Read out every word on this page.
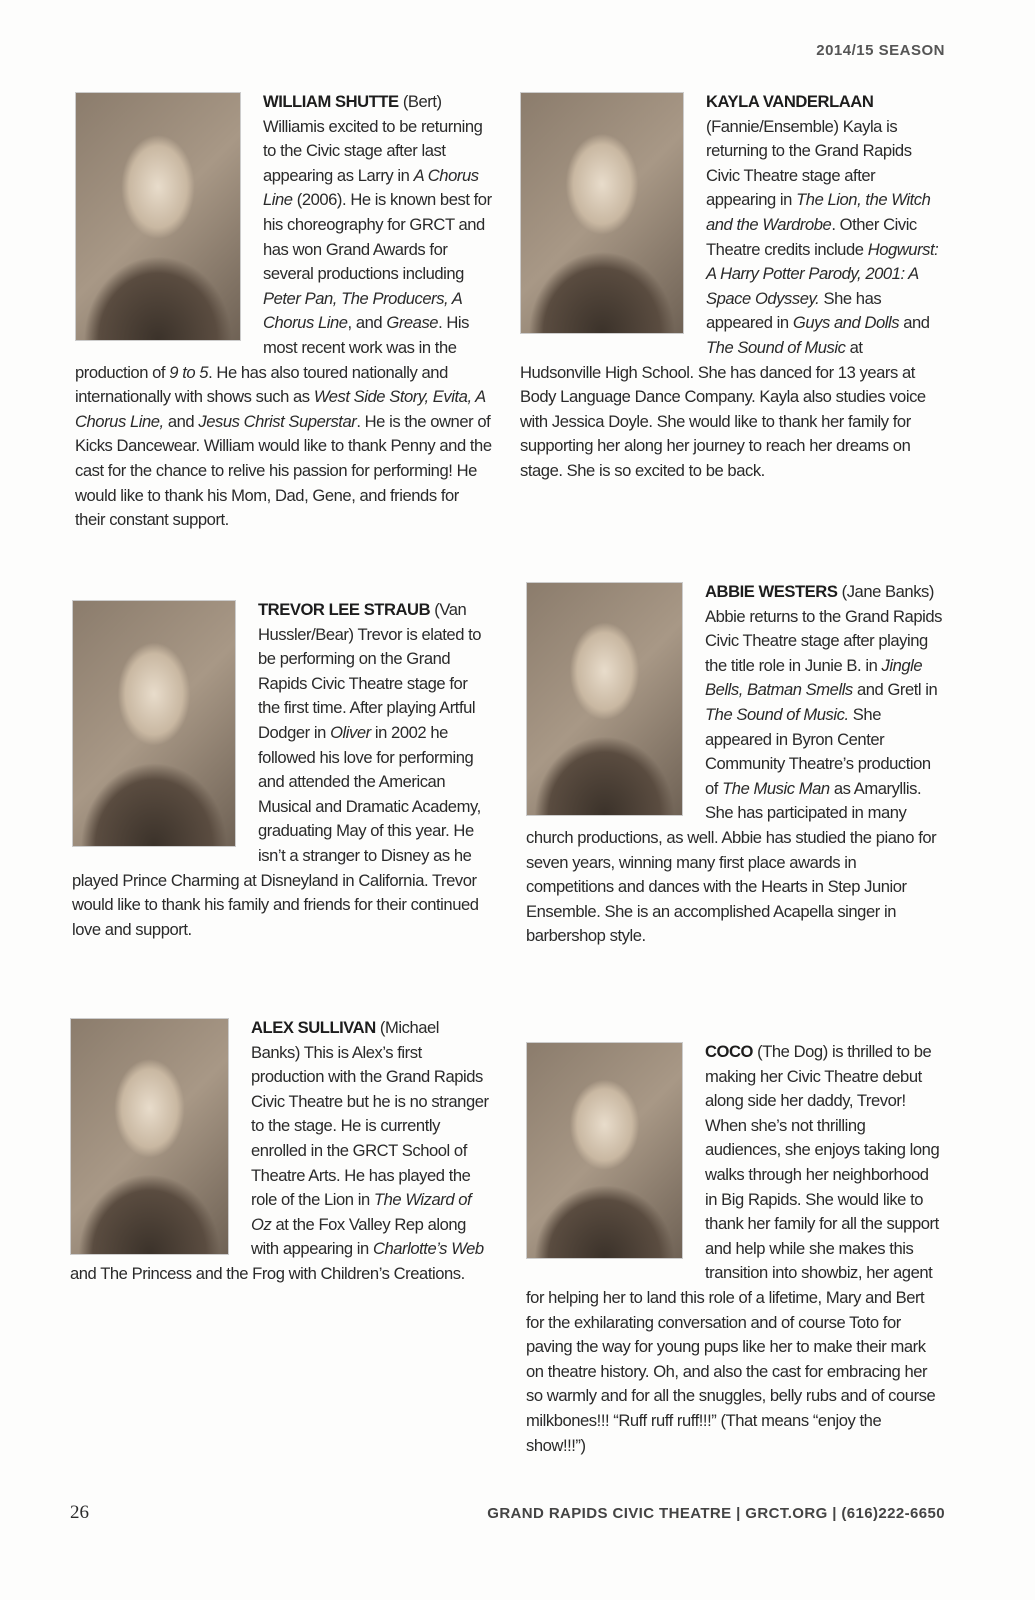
2014/15 SEASON
WILLIAM SHUTTE (Bert) Williamis excited to be returning to the Civic stage after last appearing as Larry in A Chorus Line (2006). He is known best for his choreography for GRCT and has won Grand Awards for several productions including Peter Pan, The Producers, A Chorus Line, and Grease. His most recent work was in the production of 9 to 5. He has also toured nationally and internationally with shows such as West Side Story, Evita, A Chorus Line, and Jesus Christ Superstar. He is the owner of Kicks Dancewear. William would like to thank Penny and the cast for the chance to relive his passion for performing! He would like to thank his Mom, Dad, Gene, and friends for their constant support.
KAYLA VANDERLAAN (Fannie/Ensemble) Kayla is returning to the Grand Rapids Civic Theatre stage after appearing in The Lion, the Witch and the Wardrobe. Other Civic Theatre credits include Hogwurst: A Harry Potter Parody, 2001: A Space Odyssey. She has appeared in Guys and Dolls and The Sound of Music at Hudsonville High School. She has danced for 13 years at Body Language Dance Company. Kayla also studies voice with Jessica Doyle. She would like to thank her family for supporting her along her journey to reach her dreams on stage. She is so excited to be back.
TREVOR LEE STRAUB (Van Hussler/Bear) Trevor is elated to be performing on the Grand Rapids Civic Theatre stage for the first time. After playing Artful Dodger in Oliver in 2002 he followed his love for performing and attended the American Musical and Dramatic Academy, graduating May of this year. He isn’t a stranger to Disney as he played Prince Charming at Disneyland in California. Trevor would like to thank his family and friends for their continued love and support.
ABBIE WESTERS (Jane Banks) Abbie returns to the Grand Rapids Civic Theatre stage after playing the title role in Junie B. in Jingle Bells, Batman Smells and Gretl in The Sound of Music. She appeared in Byron Center Community Theatre’s production of The Music Man as Amaryllis. She has participated in many church productions, as well. Abbie has studied the piano for seven years, winning many first place awards in competitions and dances with the Hearts in Step Junior Ensemble. She is an accomplished Acapella singer in barbershop style.
ALEX SULLIVAN (Michael Banks) This is Alex’s first production with the Grand Rapids Civic Theatre but he is no stranger to the stage. He is currently enrolled in the GRCT School of Theatre Arts. He has played the role of the Lion in The Wizard of Oz at the Fox Valley Rep along with appearing in Charlotte’s Web and The Princess and the Frog with Children’s Creations.
COCO (The Dog) is thrilled to be making her Civic Theatre debut along side her daddy, Trevor! When she’s not thrilling audiences, she enjoys taking long walks through her neighborhood in Big Rapids. She would like to thank her family for all the support and help while she makes this transition into showbiz, her agent for helping her to land this role of a lifetime, Mary and Bert for the exhilarating conversation and of course Toto for paving the way for young pups like her to make their mark on theatre history. Oh, and also the cast for embracing her so warmly and for all the snuggles, belly rubs and of course milkbones!!! “Ruff ruff ruff!!!” (That means “enjoy the show!!!”)
26	GRAND RAPIDS CIVIC THEATRE | GRCT.ORG | (616)222-6650
